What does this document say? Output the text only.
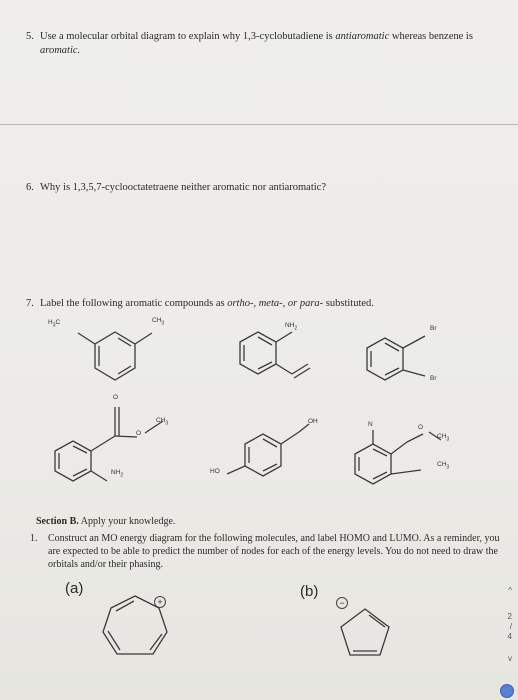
5. Use a molecular orbital diagram to explain why 1,3-cyclobutadiene is antiaromatic whereas benzene is
aromatic.
6. Why is 1,3,5,7-cyclooctatetraene neither aromatic nor antiaromatic?
7. Label the following aromatic compounds as ortho-, meta-, or para- substituted.
$H_3C$	$CH_3$	$NH_2$	Br
Br
O
O
$CH_3$
$NH_2$
OH
HO
N	O
$CH_3$
$CH_3$
Section B. Apply your knowledge.
1. Construct an MO energy diagram for the following molecules, and label HOMO and LUMO. As a reminder, you are expected to be able to predict the number of nodes for each of the energy levels. You do not need to draw the orbitals and/or their phasing.
(a)	(b)
+	−
^
2
/
4
v
